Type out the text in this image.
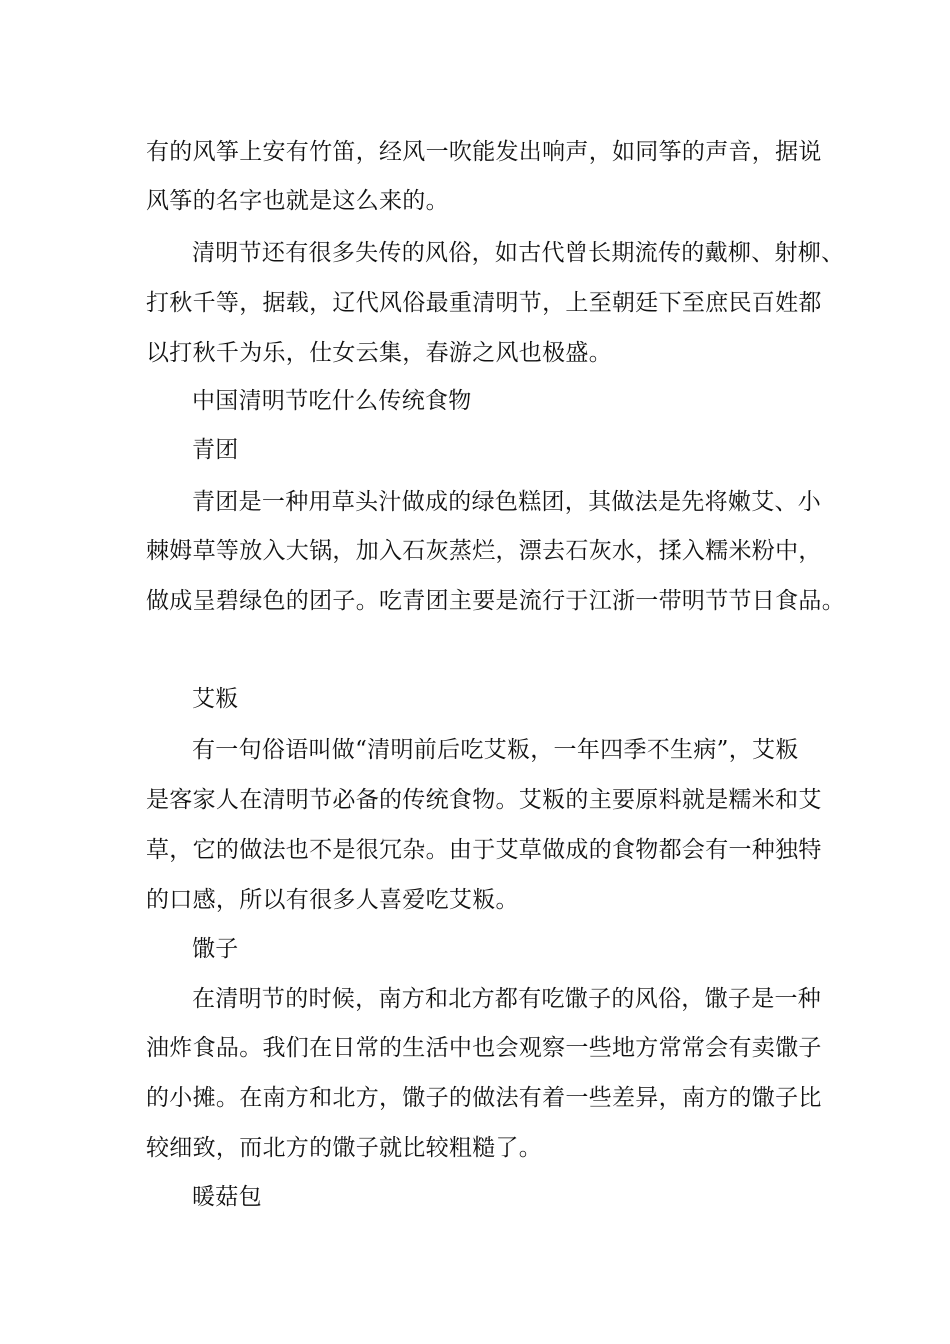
有的风筝上安有竹笛，经风一吹能发出响声，如同筝的声音，据说
风筝的名字也就是这么来的。
清明节还有很多失传的风俗，如古代曾长期流传的戴柳、射柳、
打秋千等，据载，辽代风俗最重清明节，上至朝廷下至庶民百姓都
以打秋千为乐，仕女云集，春游之风也极盛。
中国清明节吃什么传统食物
青团
青团是一种用草头汁做成的绿色糕团，其做法是先将嫩艾、小
棘姆草等放入大锅，加入石灰蒸烂，漂去石灰水，揉入糯米粉中，
做成呈碧绿色的团子。吃青团主要是流行于江浙一带明节节日食品。
艾粄
有一句俗语叫做“清明前后吃艾粄，一年四季不生病”，艾粄
是客家人在清明节必备的传统食物。艾粄的主要原料就是糯米和艾
草，它的做法也不是很冗杂。由于艾草做成的食物都会有一种独特
的口感，所以有很多人喜爱吃艾粄。
馓子
在清明节的时候，南方和北方都有吃馓子的风俗，馓子是一种
油炸食品。我们在日常的生活中也会观察一些地方常常会有卖馓子
的小摊。在南方和北方，馓子的做法有着一些差异，南方的馓子比
较细致，而北方的馓子就比较粗糙了。
暖菇包
